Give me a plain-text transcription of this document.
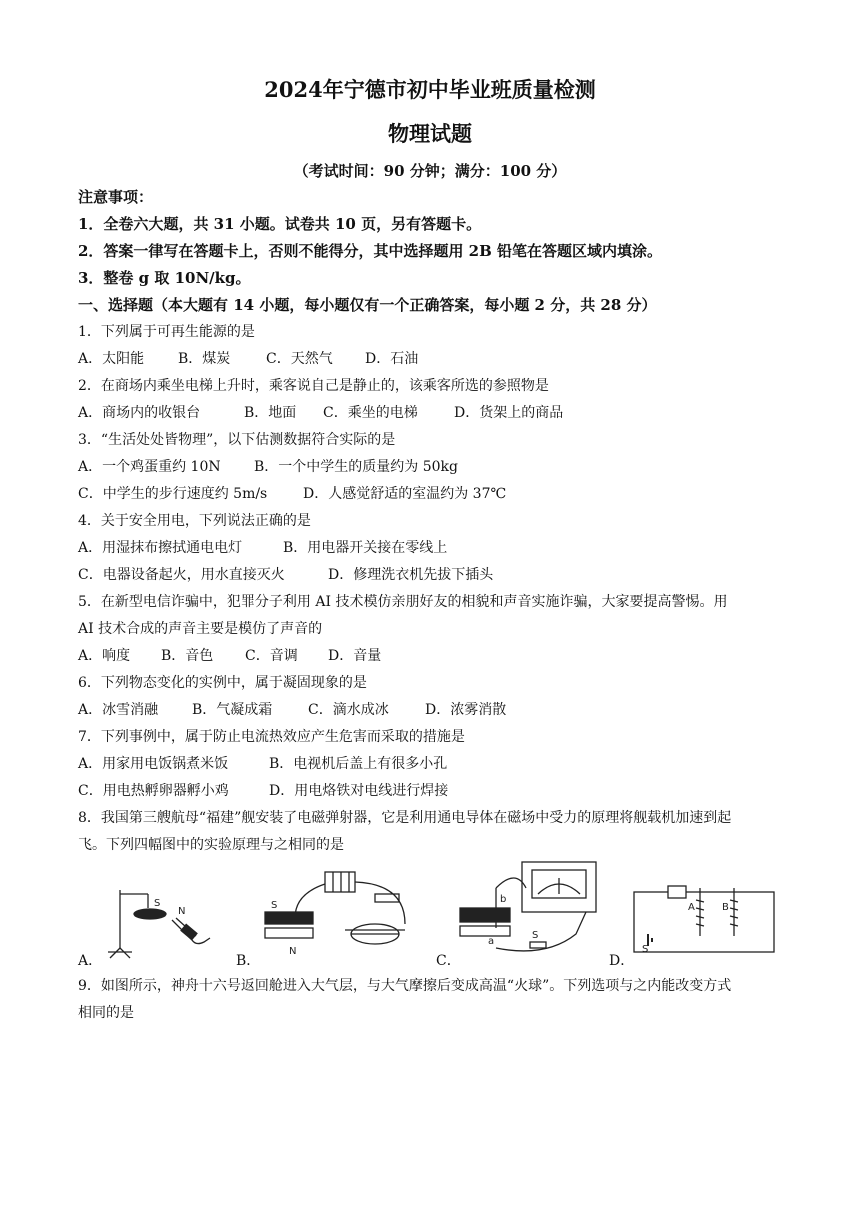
2024年宁德市初中毕业班质量检测
物理试题
（考试时间：90 分钟；满分：100 分）
注意事项：
1．全卷六大题，共 31 小题。试卷共 10 页，另有答题卡。
2．答案一律写在答题卡上，否则不能得分，其中选择题用 2B 铅笔在答题区域内填涂。
3．整卷 g 取 10N/kg。
一、选择题（本大题有 14 小题，每小题仅有一个正确答案，每小题 2 分，共 28 分）
1．下列属于可再生能源的是
A．太阳能 B．煤炭	C．天然气 D．石油
2．在商场内乘坐电梯上升时，乘客说自己是静止的，该乘客所选的参照物是
A．商场内的收银台	B．地面 C．乘坐的电梯	D．货架上的商品
3．“生活处处皆物理”，以下估测数据符合实际的是
A．一个鸡蛋重约 10N B．一个中学生的质量约为 50kg
C．中学生的步行速度约 5m/s	D．人感觉舒适的室温约为 37℃
4．关于安全用电，下列说法正确的是
A．用湿抹布擦拭通电电灯	B．用电器开关接在零线上
C．电器设备起火，用水直接灭火	D．修理洗衣机先拔下插头
5．在新型电信诈骗中，犯罪分子利用 AI 技术模仿亲朋好友的相貌和声音实施诈骗，大家要提高警惕。用
AI 技术合成的声音主要是模仿了声音的
A．响度 B．音色 C．音调 D．音量
6．下列物态变化的实例中，属于凝固现象的是
A．冰雪消融 B．气凝成霜	C．滴水成冰	D．浓雾消散
7．下列事例中，属于防止电流热效应产生危害而采取的措施是
A．用家用电饭锅煮米饭	B．电视机后盖上有很多小孔
C．用电热孵卵器孵小鸡	D．用电烙铁对电线进行焊接
8．我国第三艘航母“福建”舰安装了电磁弹射器，它是利用通电导体在磁场中受力的原理将舰载机加速到起
飞。下列四幅图中的实验原理与之相同的是
S
N
A．
S
N
B．
b
a
S
C．
A	B
S
D．
9．如图所示，神舟十六号返回舱进入大气层，与大气摩擦后变成高温“火球”。下列选项与之内能改变方式
相同的是
